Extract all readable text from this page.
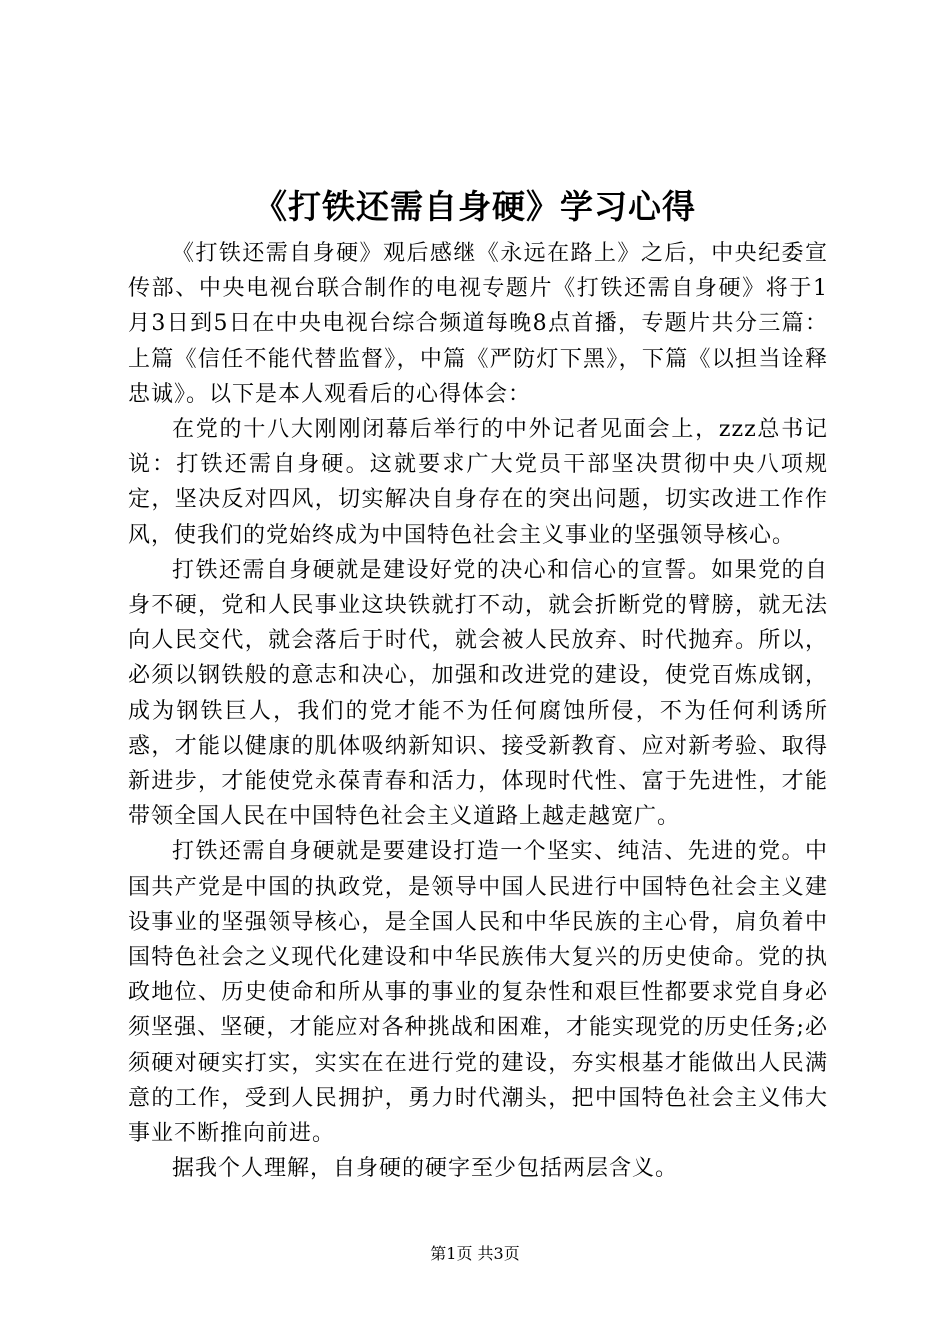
《打铁还需自身硬》学习心得

《打铁还需自身硬》观后感继《永远在路上》之后，中央纪委宣传部、中央电视台联合制作的电视专题片《打铁还需自身硬》将于1月3日到5日在中央电视台综合频道每晚8点首播，专题片共分三篇：上篇《信任不能代替监督》，中篇《严防灯下黑》，下篇《以担当诠释忠诚》。以下是本人观看后的心得体会：

在党的十八大刚刚闭幕后举行的中外记者见面会上，zzz总书记说：打铁还需自身硬。这就要求广大党员干部坚决贯彻中央八项规定，坚决反对四风，切实解决自身存在的突出问题，切实改进工作作风，使我们的党始终成为中国特色社会主义事业的坚强领导核心。

打铁还需自身硬就是建设好党的决心和信心的宣誓。如果党的自身不硬，党和人民事业这块铁就打不动，就会折断党的臂膀，就无法向人民交代，就会落后于时代，就会被人民放弃、时代抛弃。所以，必须以钢铁般的意志和决心，加强和改进党的建设，使党百炼成钢，成为钢铁巨人，我们的党才能不为任何腐蚀所侵，不为任何利诱所惑，才能以健康的肌体吸纳新知识、接受新教育、应对新考验、取得新进步，才能使党永葆青春和活力，体现时代性、富于先进性，才能带领全国人民在中国特色社会主义道路上越走越宽广。

打铁还需自身硬就是要建设打造一个坚实、纯洁、先进的党。中国共产党是中国的执政党，是领导中国人民进行中国特色社会主义建设事业的坚强领导核心，是全国人民和中华民族的主心骨，肩负着中国特色社会之义现代化建设和中华民族伟大复兴的历史使命。党的执政地位、历史使命和所从事的事业的复杂性和艰巨性都要求党自身必须坚强、坚硬，才能应对各种挑战和困难，才能实现党的历史任务;必须硬对硬实打实，实实在在进行党的建设，夯实根基才能做出人民满意的工作，受到人民拥护，勇力时代潮头，把中国特色社会主义伟大事业不断推向前进。

据我个人理解，自身硬的硬字至少包括两层含义。

第1页 共3页
